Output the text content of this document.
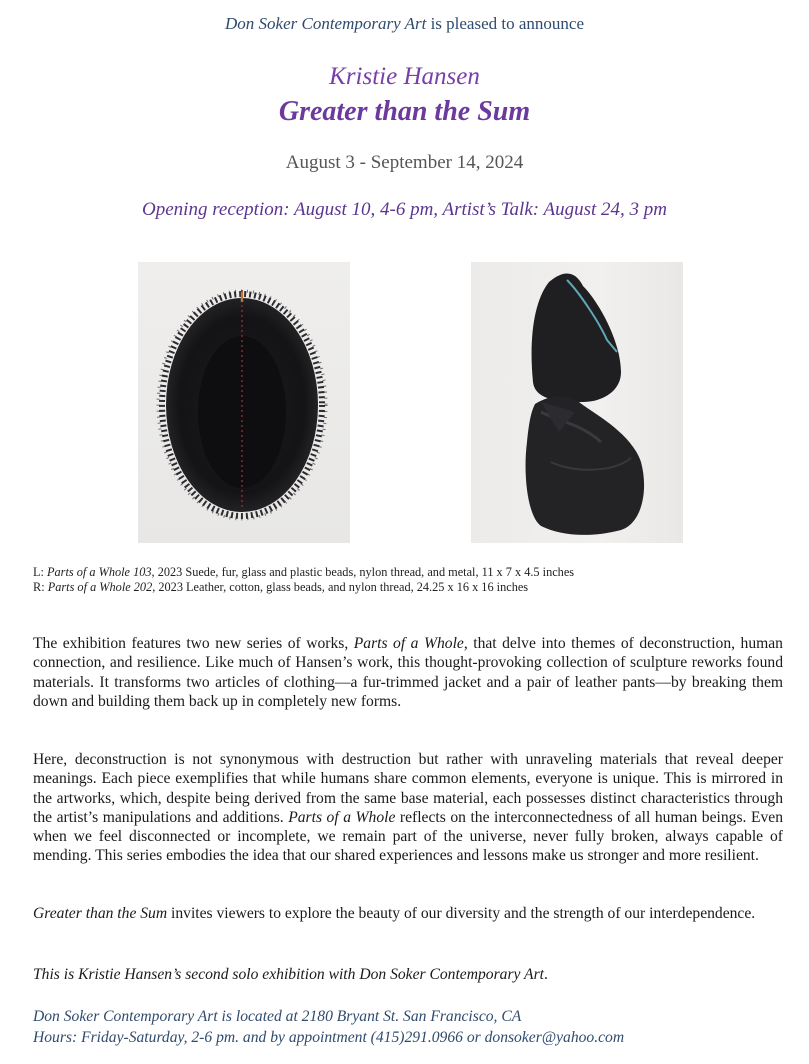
Don Soker Contemporary Art is pleased to announce
Kristie Hansen
Greater than the Sum
August 3 - September 14, 2024
Opening reception: August 10, 4-6 pm, Artist’s Talk: August 24, 3 pm
L: Parts of a Whole 103, 2023 Suede, fur, glass and plastic beads, nylon thread, and metal, 11 x 7 x 4.5 inches
R: Parts of a Whole 202, 2023 Leather, cotton, glass beads, and nylon thread, 24.25 x 16 x 16 inches
The exhibition features two new series of works, Parts of a Whole, that delve into themes of deconstruction, human connection, and resilience. Like much of Hansen’s work, this thought-provoking collection of sculpture reworks found materials. It transforms two articles of clothing—a fur-trimmed jacket and a pair of leather pants—by breaking them down and building them back up in completely new forms.
Here, deconstruction is not synonymous with destruction but rather with unraveling materials that reveal deeper meanings. Each piece exemplifies that while humans share common elements, everyone is unique. This is mirrored in the artworks, which, despite being derived from the same base material, each possesses distinct characteristics through the artist’s manipulations and additions. Parts of a Whole reflects on the interconnectedness of all human beings. Even when we feel disconnected or incomplete, we remain part of the universe, never fully broken, always capable of mending. This series embodies the idea that our shared experiences and lessons make us stronger and more resilient.
Greater than the Sum invites viewers to explore the beauty of our diversity and the strength of our interdependence.
This is Kristie Hansen’s second solo exhibition with Don Soker Contemporary Art.
Don Soker Contemporary Art is located at 2180 Bryant St. San Francisco, CA
Hours: Friday-Saturday, 2-6 pm. and by appointment (415)291.0966 or donsoker@yahoo.com
